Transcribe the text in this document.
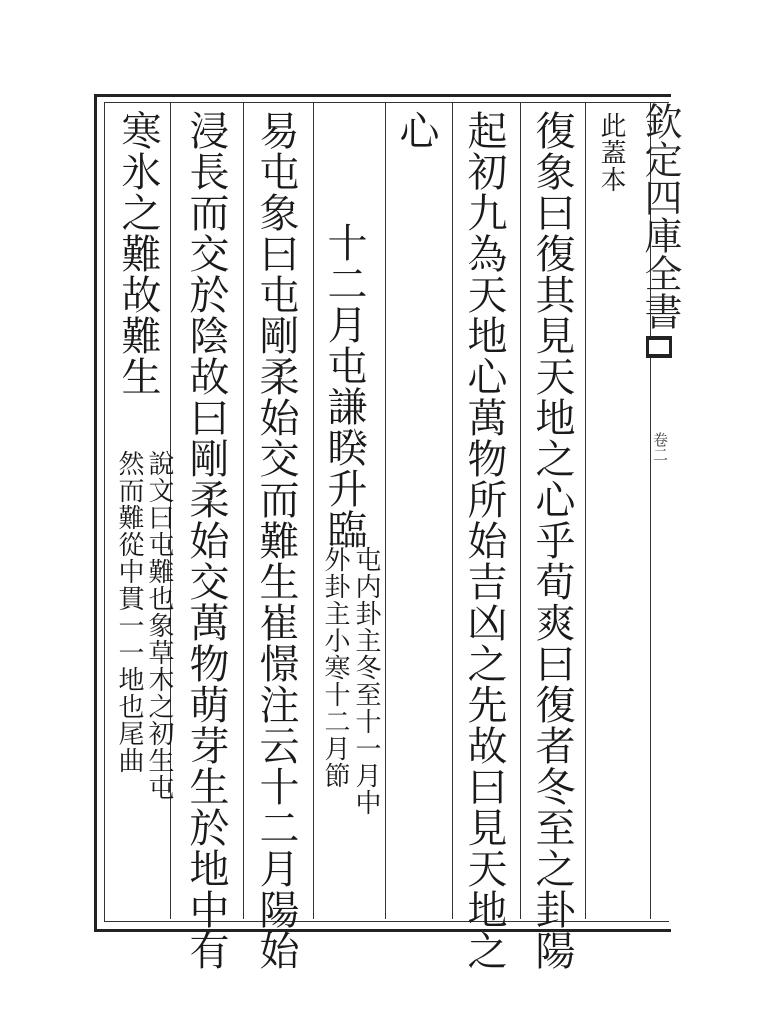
欽定四庫全書
卷二
此蓋本
復象曰復其見天地之心乎荀爽曰復者冬至之卦陽
起初九為天地心萬物所始吉凶之先故曰見天地之
心
十二月屯謙睽升臨
屯内卦主冬至十一月中
外卦主小寒十二月節
易屯象曰屯剛柔始交而難生崔憬注云十二月陽始
浸長而交於陰故曰剛柔始交萬物萌芽生於地中有
寒氷之難故難生
說文曰屯難也象草木之初生屯
然而難從中貫一一地也尾曲
